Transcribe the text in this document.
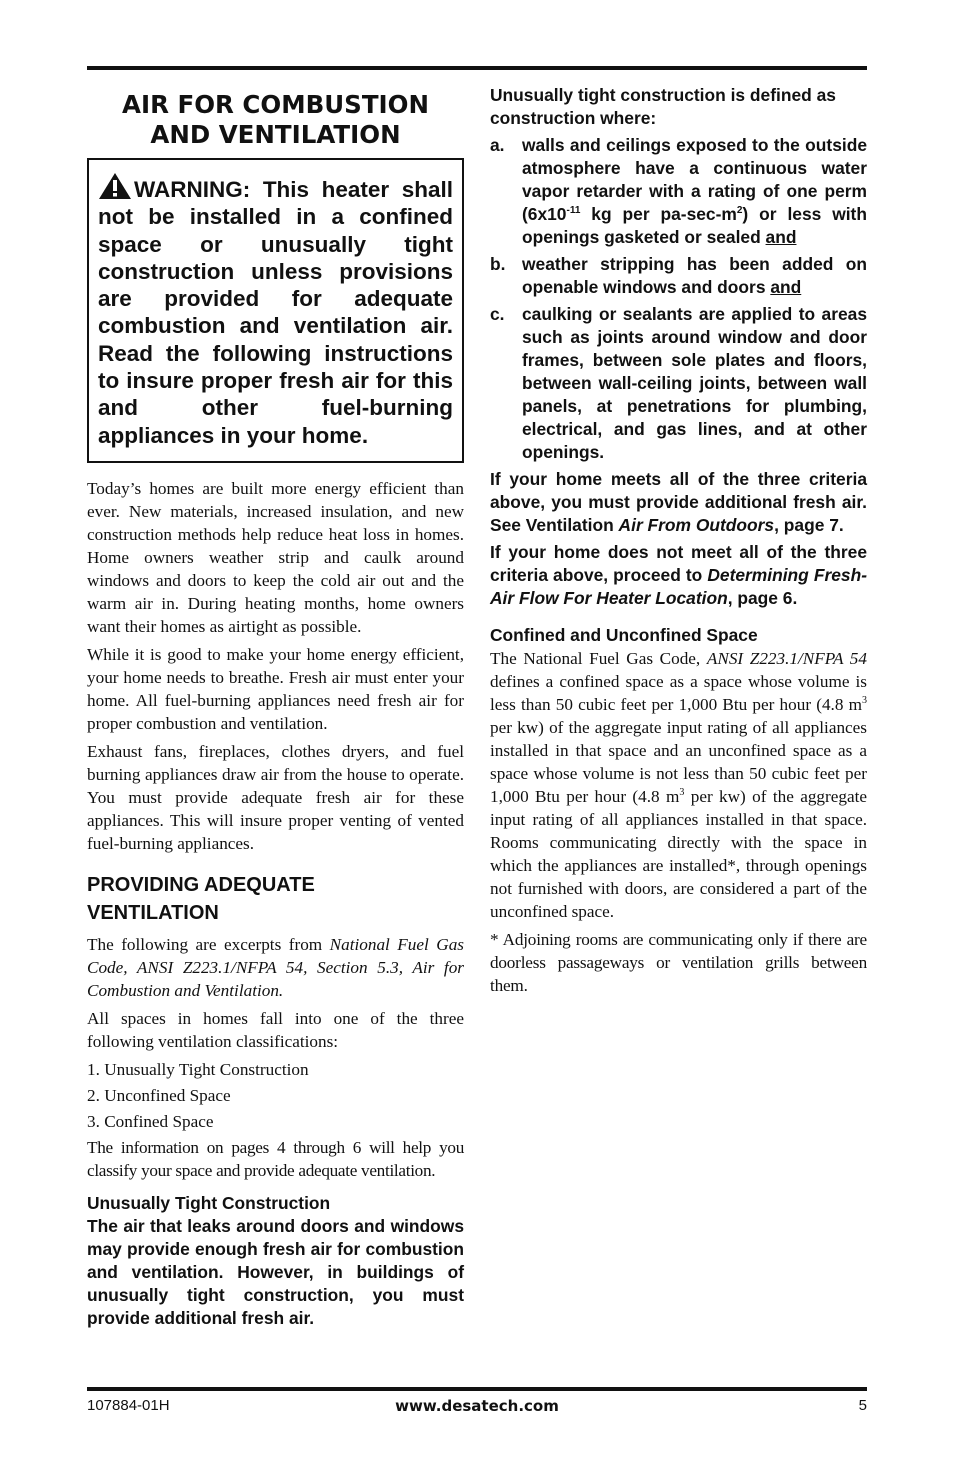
AIR FOR COMBUSTION
AND VENTILATION
WARNING: This heater shall not be installed in a confined space or unusually tight construction unless provisions are provided for adequate combustion and ventilation air. Read the following instructions to insure proper fresh air for this and other fuel-burning appliances in your home.

Today’s homes are built more energy efficient than ever. New materials, increased insulation, and new construction methods help reduce heat loss in homes. Home owners weather strip and caulk around windows and doors to keep the cold air out and the warm air in. During heating months, home owners want their homes as airtight as possible.

While it is good to make your home energy efficient, your home needs to breathe. Fresh air must enter your home. All fuel-burning appliances need fresh air for proper combustion and ventilation.

Exhaust fans, fireplaces, clothes dryers, and fuel burning appliances draw air from the house to operate. You must provide adequate fresh air for these appliances. This will insure proper venting of vented fuel-burning appliances.

PROVIDING ADEQUATE
VENTILATION

The following are excerpts from National Fuel Gas Code, ANSI Z223.1/NFPA 54, Section 5.3, Air for Combustion and Ventilation.

All spaces in homes fall into one of the three following ventilation classifications:

1. Unusually Tight Construction

2. Unconfined Space

3. Confined Space

The information on pages 4 through 6 will help you classify your space and provide adequate ventilation.

Unusually Tight Construction

The air that leaks around doors and windows may provide enough fresh air for combustion and ventilation. However, in buildings of unusually tight construction, you must provide additional fresh air.

Unusually tight construction is defined as construction where:

a.	walls and ceilings exposed to the outside atmosphere have a continuous water vapor retarder with a rating of one perm ($6x10^{-11}$ kg per $pa-\sec-m^2$) or less with openings gasketed or sealed and
b. weather stripping has been added on openable windows and doors and
c.	caulking or sealants are applied to areas such as joints around window and door frames, between sole plates and floors, between wall-ceiling joints, between wall panels, at penetrations for plumbing, electrical, and gas lines, and at other openings.

If your home meets all of the three criteria above, you must provide additional fresh air. See Ventilation Air From Outdoors, page 7.

If your home does not meet all of the three criteria above, proceed to Determining Fresh-Air Flow For Heater Location, page 6.

Confined and Unconfined Space

The National Fuel Gas Code, ANSI Z223.1/NFPA 54 defines a confined space as a space whose volume is less than 50 cubic feet per 1,000 Btu per hour (4.8 $m^3$ per kw) of the aggregate input rating of all appliances installed in that space and an unconfined space as a space whose volume is not less than 50 cubic feet per 1,000 Btu per hour (4.8 $m^3$ per kw) of the aggregate input rating of all appliances installed in that space. Rooms communicating directly with the space in which the appliances are installed*, through openings not furnished with doors, are considered a part of the unconfined space.

* Adjoining rooms are communicating only if there are doorless passageways or ventilation grills between them.

107884-01H	www.desatech.com	5
